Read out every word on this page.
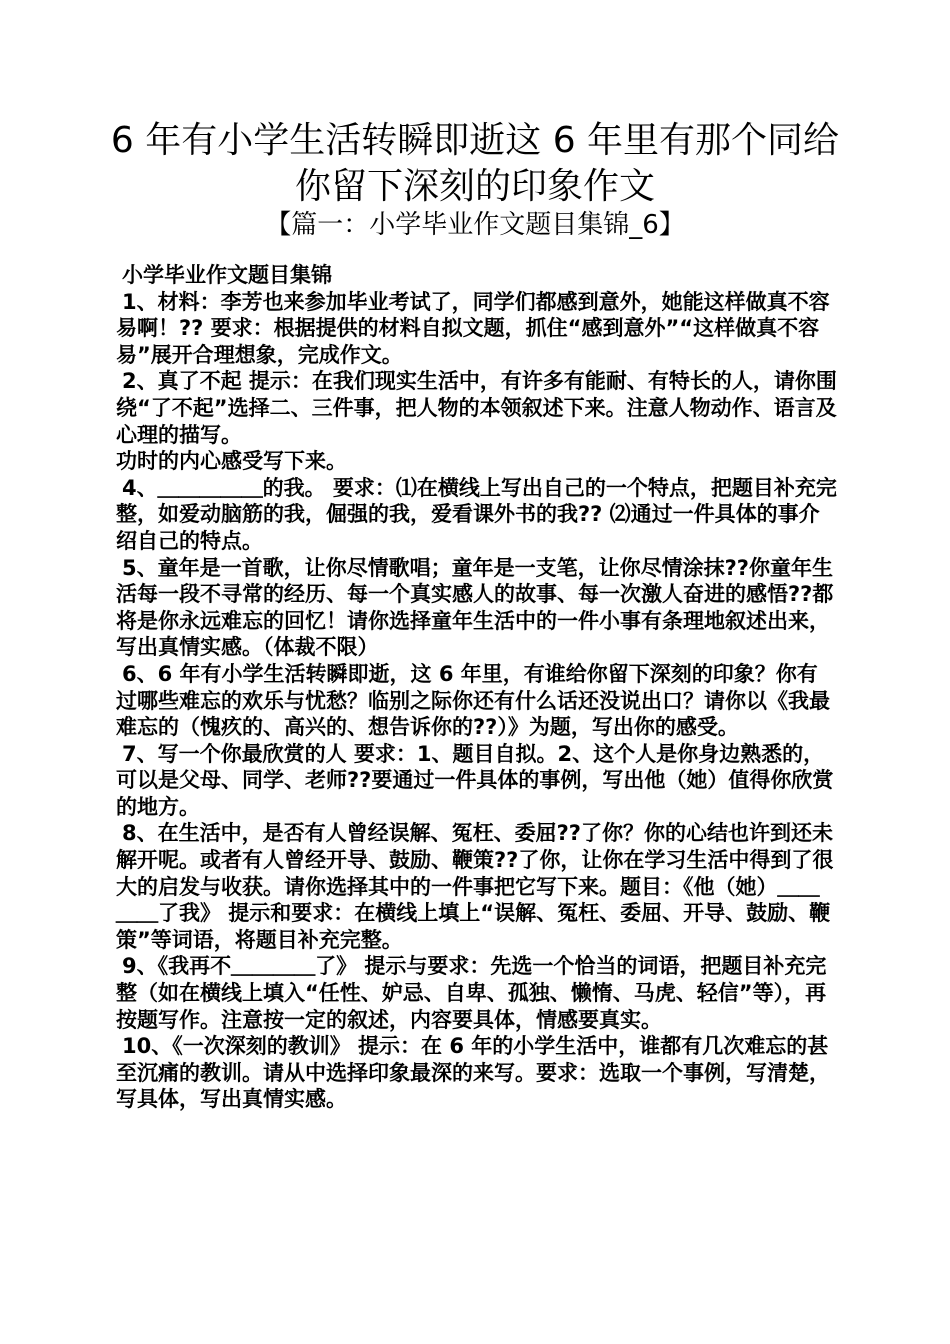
6 年有小学生活转瞬即逝这 6 年里有那个同给你留下深刻的印象作文
【篇一：小学毕业作文题目集锦_6】

小学毕业作文题目集锦

1、材料：李芳也来参加毕业考试了，同学们都感到意外，她能这样做真不容易啊！?? 要求：根据提供的材料自拟文题，抓住“感到意外”“这样做真不容易”展开合理想象，完成作文。

2、真了不起 提示：在我们现实生活中，有许多有能耐、有特长的人，请你围绕“了不起”选择二、三件事，把人物的本领叙述下来。注意人物动作、语言及心理的描写。

功时的内心感受写下来。

4、＿＿＿＿＿的我。 要求：⑴在横线上写出自己的一个特点，把题目补充完整，如爱动脑筋的我，倔强的我，爱看课外书的我?? ⑵通过一件具体的事介绍自己的特点。

5、童年是一首歌，让你尽情歌唱；童年是一支笔，让你尽情涂抹??你童年生活每一段不寻常的经历、每一个真实感人的故事、每一次激人奋进的感悟??都将是你永远难忘的回忆！请你选择童年生活中的一件小事有条理地叙述出来，写出真情实感。（体裁不限）

6、6 年有小学生活转瞬即逝，这 6 年里，有谁给你留下深刻的印象？你有过哪些难忘的欢乐与忧愁？临别之际你还有什么话还没说出口？请你以《我最难忘的（愧疚的、高兴的、想告诉你的??）》为题，写出你的感受。

7、写一个你最欣赏的人 要求：1、题目自拟。2、这个人是你身边熟悉的，可以是父母、同学、老师??要通过一件具体的事例，写出他（她）值得你欣赏的地方。

8、在生活中，是否有人曾经误解、冤枉、委屈??了你？你的心结也许到还未解开呢。或者有人曾经开导、鼓励、鞭策??了你，让你在学习生活中得到了很大的启发与收获。请你选择其中的一件事把它写下来。题目：《他（她）＿＿＿＿了我》 提示和要求：在横线上填上“误解、冤枉、委屈、开导、鼓励、鞭策”等词语，将题目补充完整。

9、《我再不＿＿＿＿了》 提示与要求：先选一个恰当的词语，把题目补充完整（如在横线上填入“任性、妒忌、自卑、孤独、懒惰、马虎、轻信”等），再按题写作。注意按一定的叙述，内容要具体，情感要真实。

10、《一次深刻的教训》 提示：在 6 年的小学生活中，谁都有几次难忘的甚至沉痛的教训。请从中选择印象最深的来写。要求：选取一个事例，写清楚，写具体，写出真情实感。
